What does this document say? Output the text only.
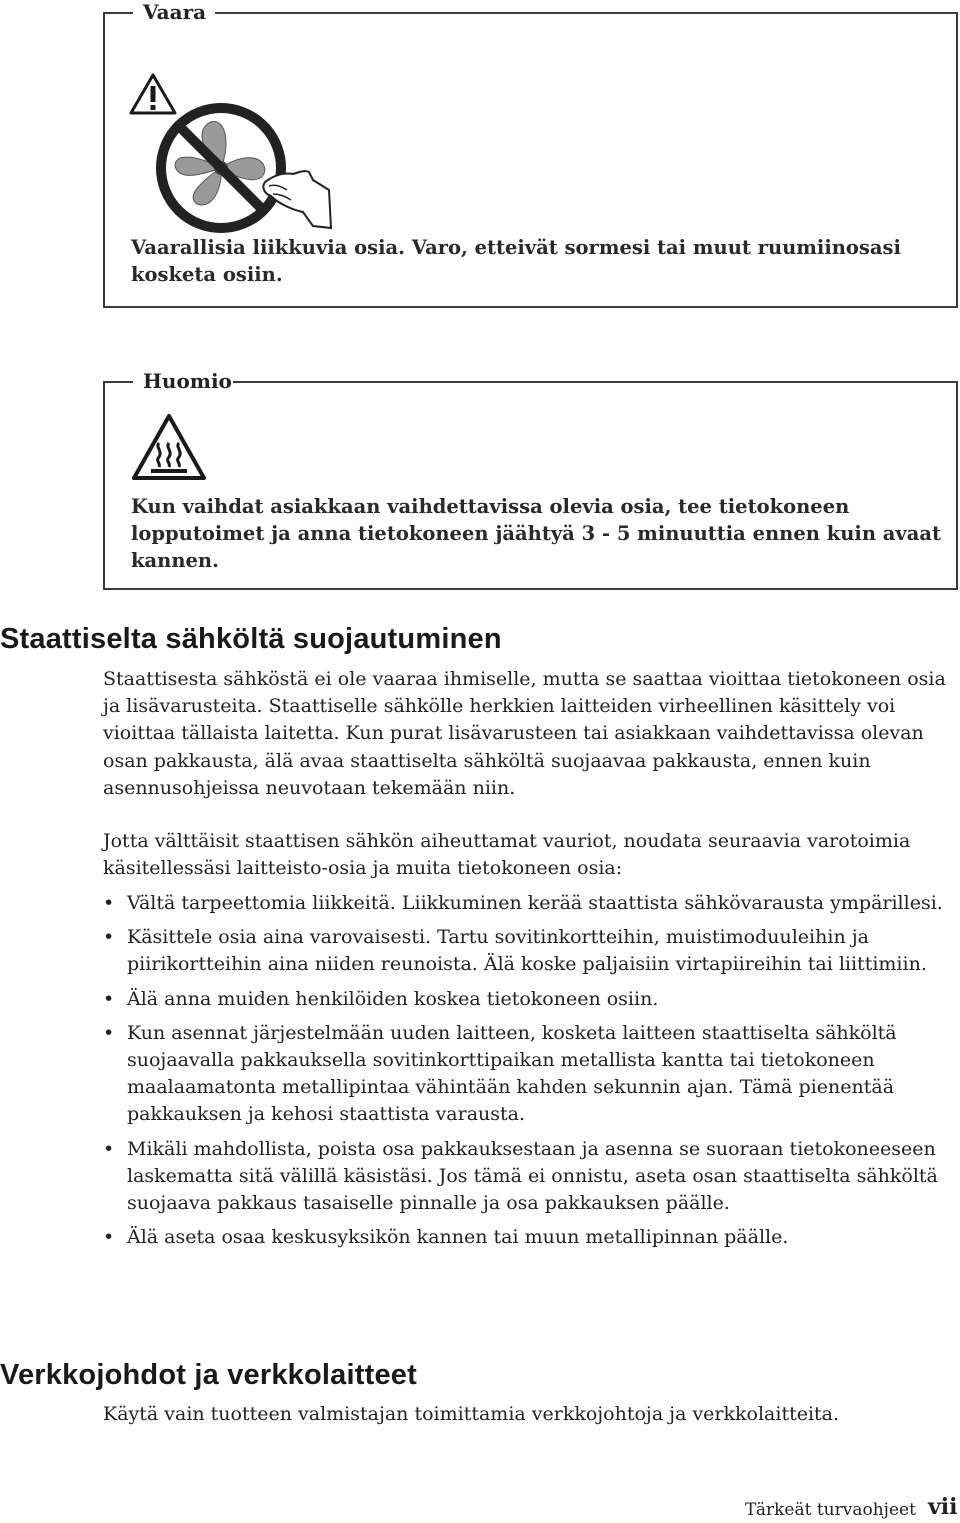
Vaara

Vaarallisia liikkuvia osia. Varo, etteivät sormesi tai muut ruumiinosasi kosketa osiin.

Huomio

Kun vaihdat asiakkaan vaihdettavissa olevia osia, tee tietokoneen lopputoimet ja anna tietokoneen jäähtyä 3 - 5 minuuttia ennen kuin avaat kannen.

Staattiselta sähköltä suojautuminen

Staattisesta sähköstä ei ole vaaraa ihmiselle, mutta se saattaa vioittaa tietokoneen osia ja lisävarusteita. Staattiselle sähkölle herkkien laitteiden virheellinen käsittely voi vioittaa tällaista laitetta. Kun purat lisävarusteen tai asiakkaan vaihdettavissa olevan osan pakkausta, älä avaa staattiselta sähköltä suojaavaa pakkausta, ennen kuin asennusohjeissa neuvotaan tekemään niin.

Jotta välttäisit staattisen sähkön aiheuttamat vauriot, noudata seuraavia varotoimia käsitellessäsi laitteisto-osia ja muita tietokoneen osia:

• Vältä tarpeettomia liikkeitä. Liikkuminen kerää staattista sähkövarausta ympärillesi.
• Käsittele osia aina varovaisesti. Tartu sovitinkortteihin, muistimoduuleihin ja piirikortteihin aina niiden reunoista. Älä koske paljaisiin virtapiireihin tai liittimiin.
• Älä anna muiden henkilöiden koskea tietokoneen osiin.
• Kun asennat järjestelmään uuden laitteen, kosketa laitteen staattiselta sähköltä suojaavalla pakkauksella sovitinkorttipaikan metallista kantta tai tietokoneen maalaamatonta metallipintaa vähintään kahden sekunnin ajan. Tämä pienentää pakkauksen ja kehosi staattista varausta.
• Mikäli mahdollista, poista osa pakkauksestaan ja asenna se suoraan tietokoneeseen laskematta sitä välillä käsistäsi. Jos tämä ei onnistu, aseta osan staattiselta sähköltä suojaava pakkaus tasaiselle pinnalle ja osa pakkauksen päälle.
• Älä aseta osaa keskusyksikön kannen tai muun metallipinnan päälle.
Verkkojohdot ja verkkolaitteet

Käytä vain tuotteen valmistajan toimittamia verkkojohtoja ja verkkolaitteita.

Tärkeät turvaohjeet vii
